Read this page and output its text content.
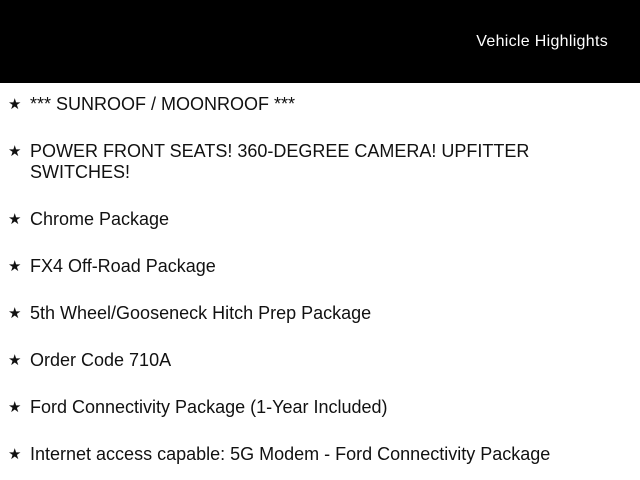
Vehicle Highlights
★ *** SUNROOF / MOONROOF ***
★ POWER FRONT SEATS! 360-DEGREE CAMERA! UPFITTER SWITCHES!
★ Chrome Package
★ FX4 Off-Road Package
★ 5th Wheel/Gooseneck Hitch Prep Package
★ Order Code 710A
★ Ford Connectivity Package (1-Year Included)
★ Internet access capable: 5G Modem - Ford Connectivity Package
